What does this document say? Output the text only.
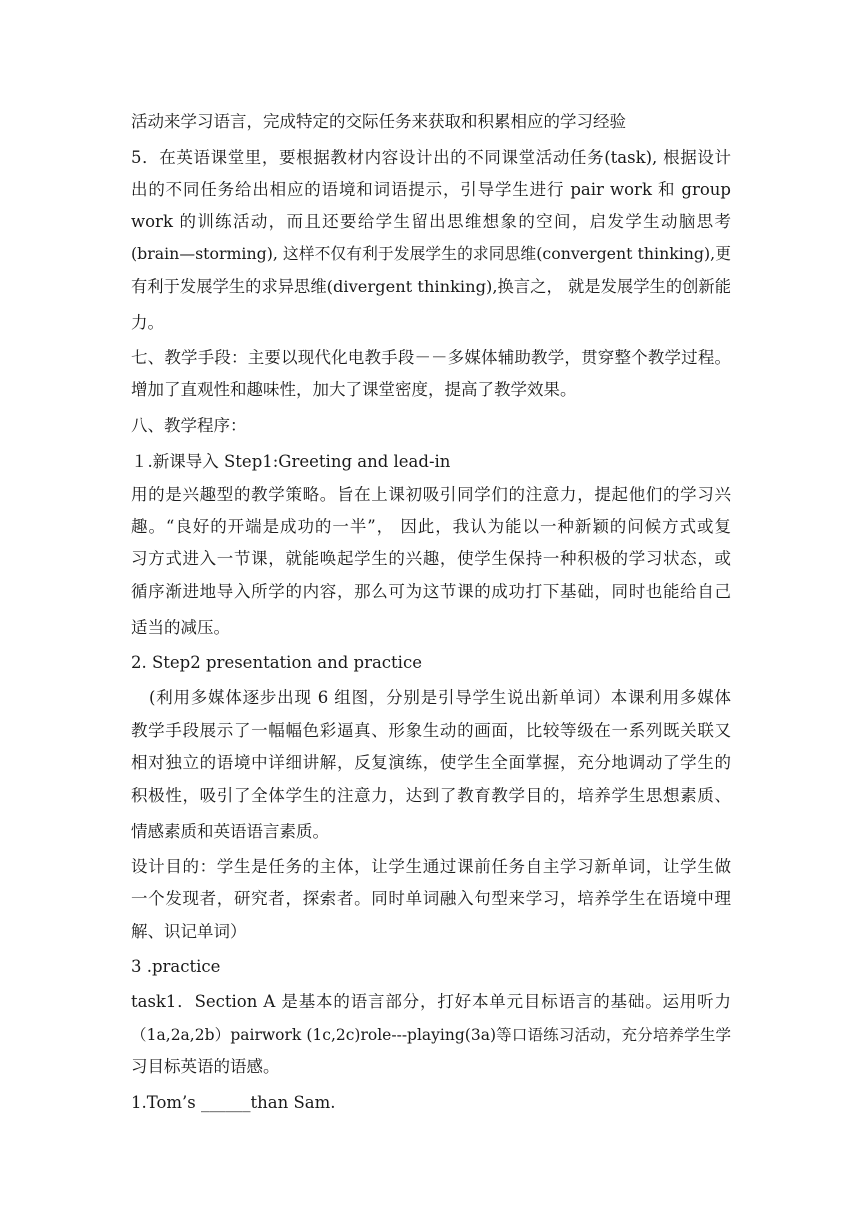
活动来学习语言，完成特定的交际任务来获取和积累相应的学习经验
5．在英语课堂里，要根据教材内容设计出的不同课堂活动任务(task), 根据设计
出的不同任务给出相应的语境和词语提示，引导学生进行 pair work 和 group
work 的训练活动，而且还要给学生留出思维想象的空间，启发学生动脑思考
(brain—storming), 这样不仅有利于发展学生的求同思维(convergent thinking),更
有利于发展学生的求异思维(divergent thinking),换言之， 就是发展学生的创新能
力。
七、教学手段：主要以现代化电教手段－－多媒体辅助教学，贯穿整个教学过程。
增加了直观性和趣味性，加大了课堂密度，提高了教学效果。
八、教学程序：
１.新课导入 Step1:Greeting and lead-in
用的是兴趣型的教学策略。旨在上课初吸引同学们的注意力，提起他们的学习兴
趣。“良好的开端是成功的一半”， 因此，我认为能以一种新颖的问候方式或复
习方式进入一节课，就能唤起学生的兴趣，使学生保持一种积极的学习状态，或
循序渐进地导入所学的内容，那么可为这节课的成功打下基础，同时也能给自己
适当的减压。
2. Step2 presentation and practice
(利用多媒体逐步出现 6 组图，分别是引导学生说出新单词）本课利用多媒体
教学手段展示了一幅幅色彩逼真、形象生动的画面，比较等级在一系列既关联又
相对独立的语境中详细讲解，反复演练，使学生全面掌握，充分地调动了学生的
积极性，吸引了全体学生的注意力，达到了教育教学目的，培养学生思想素质、
情感素质和英语语言素质。
设计目的：学生是任务的主体，让学生通过课前任务自主学习新单词，让学生做
一个发现者，研究者，探索者。同时单词融入句型来学习，培养学生在语境中理
解、识记单词）
3 .practice
task1．Section A 是基本的语言部分，打好本单元目标语言的基础。运用听力
（1a,2a,2b）pairwork (1c,2c)role---playing(3a)等口语练习活动，充分培养学生学
习目标英语的语感。
1.Tom’s ______than Sam.
